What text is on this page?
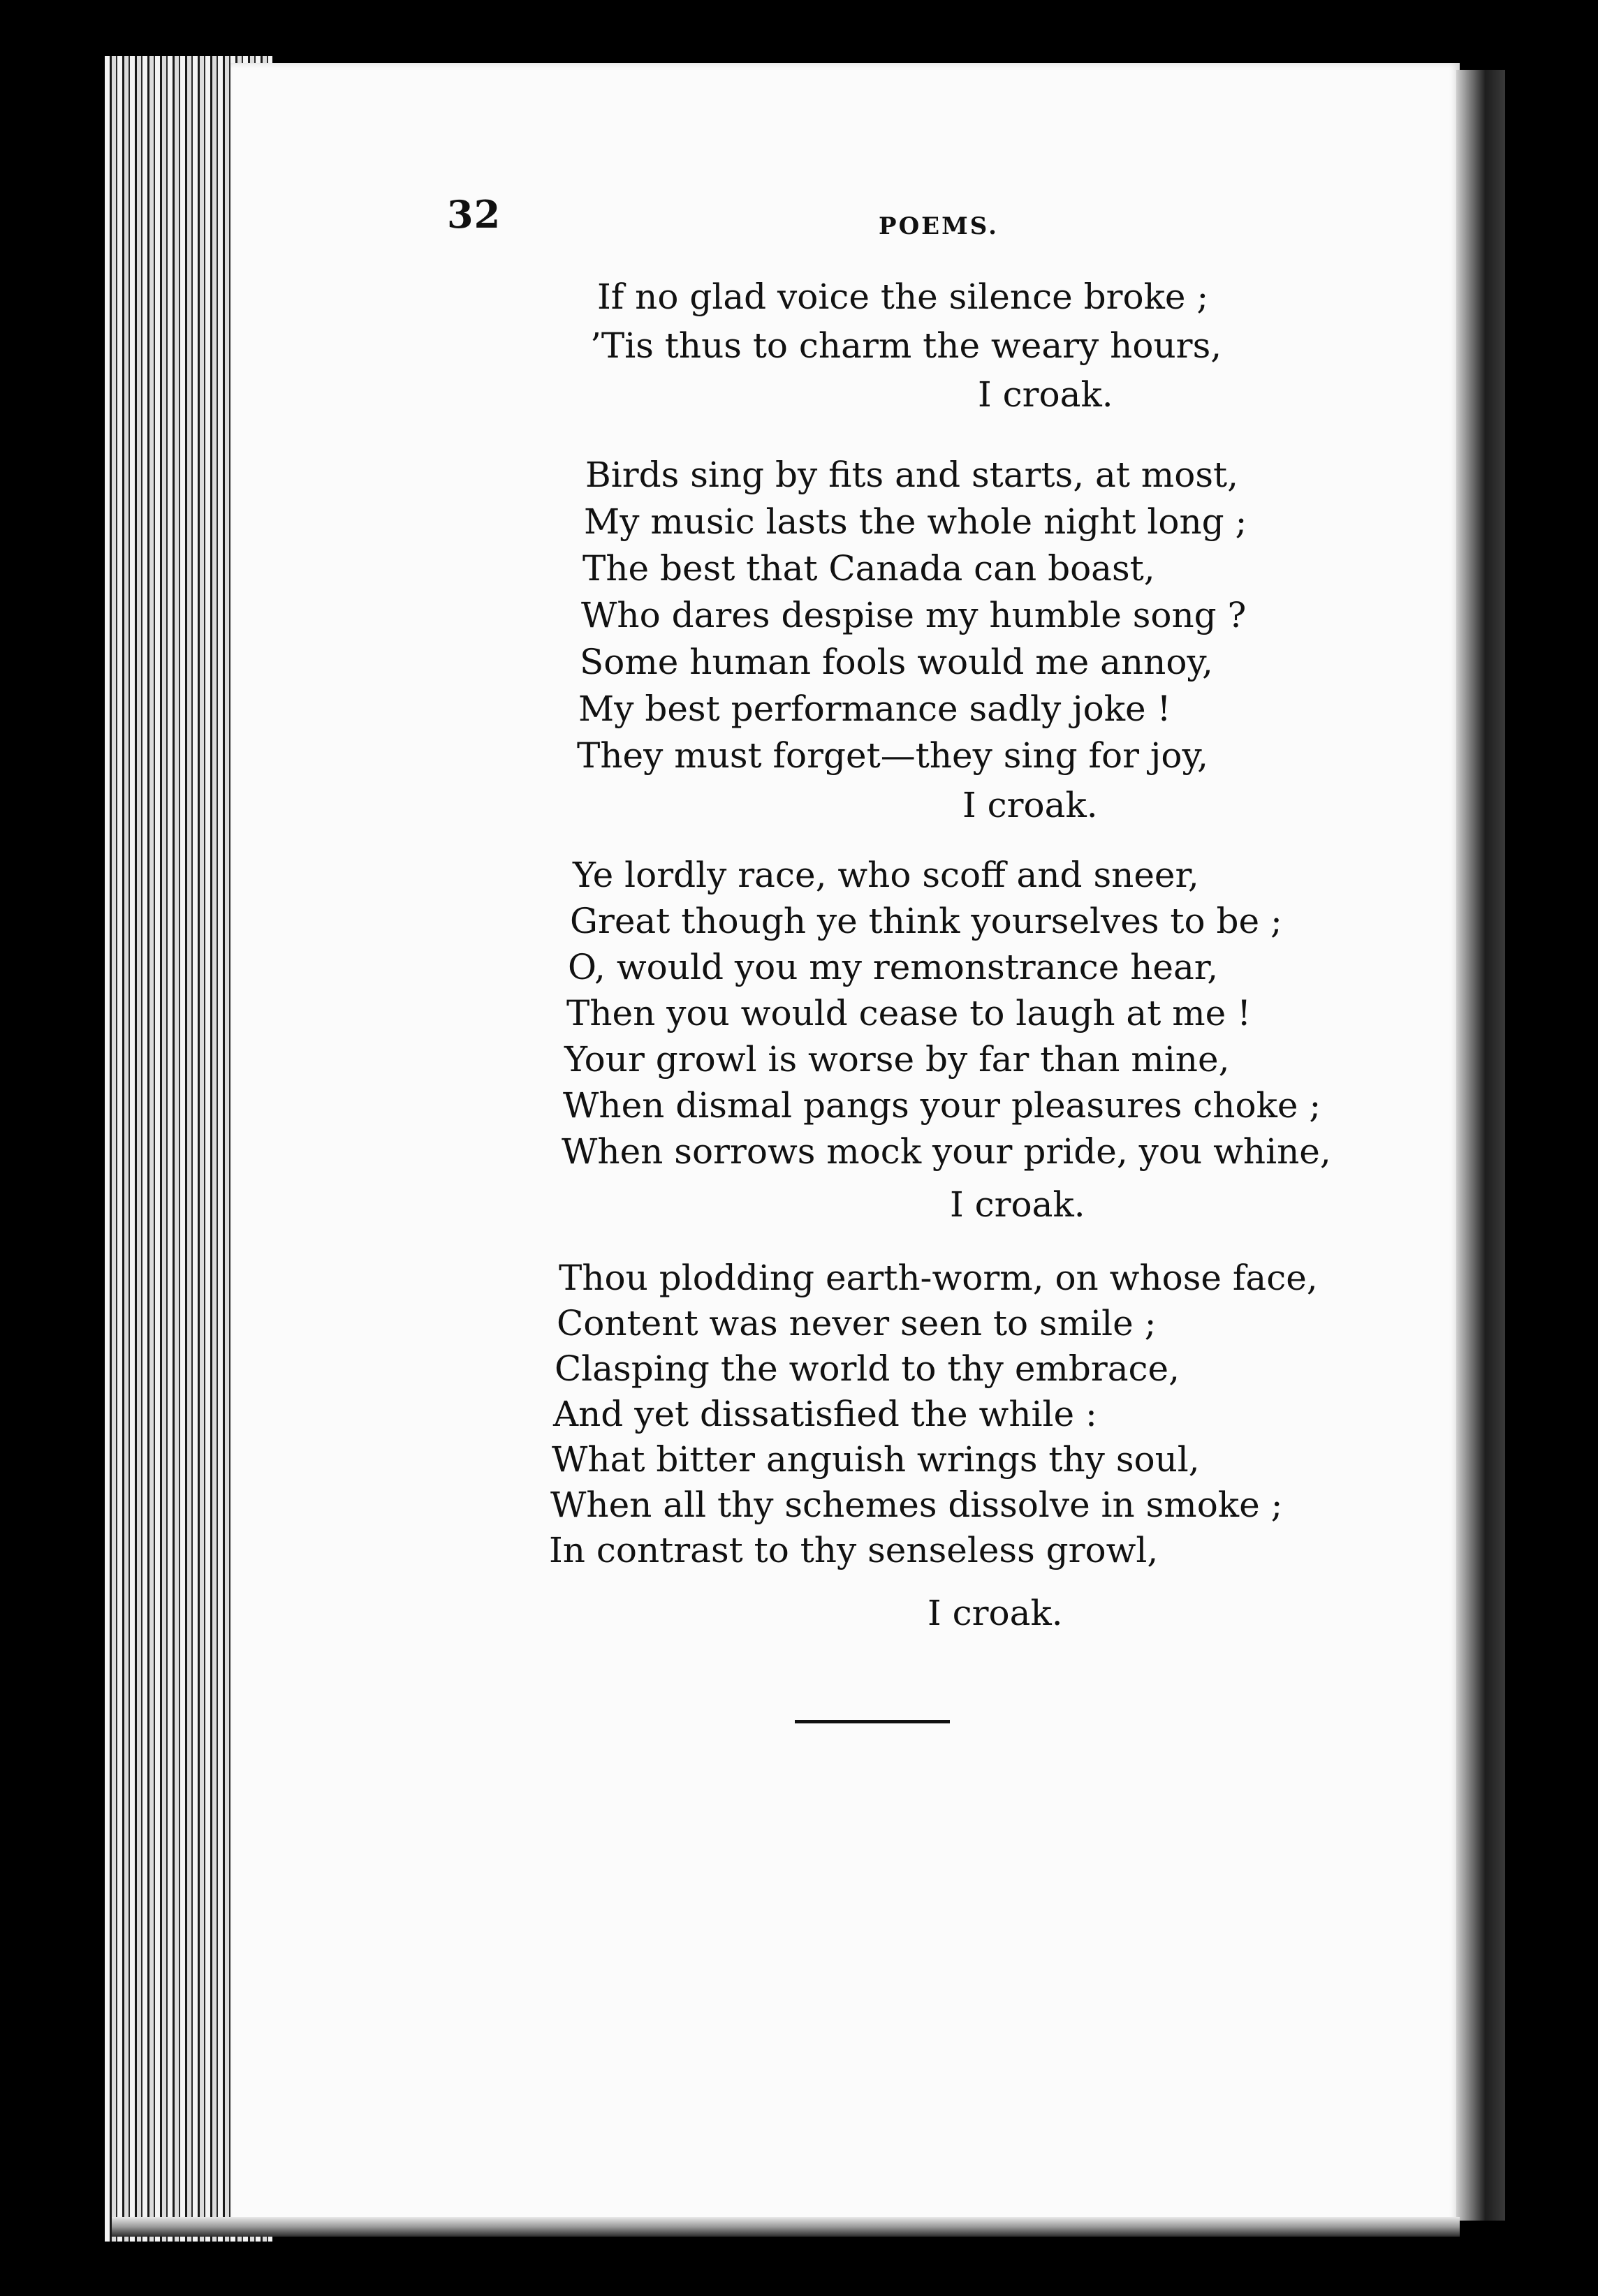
32	POEMS.
If no glad voice the silence broke ;
’Tis thus to charm the weary hours,
I croak.
Birds sing by fits and starts, at most,
My music lasts the whole night long ;
The best that Canada can boast,
Who dares despise my humble song ?
Some human fools would me annoy,
My best performance sadly joke !
They must forget—they sing for joy,
I croak.
Ye lordly race, who scoff and sneer,
Great though ye think yourselves to be ;
O, would you my remonstrance hear,
Then you would cease to laugh at me !
Your growl is worse by far than mine,
When dismal pangs your pleasures choke ;
When sorrows mock your pride, you whine,
I croak.
Thou plodding earth-worm, on whose face,
Content was never seen to smile ;
Clasping the world to thy embrace,
And yet dissatisfied the while :
What bitter anguish wrings thy soul,
When all thy schemes dissolve in smoke ;
In contrast to thy senseless growl,
I croak.
